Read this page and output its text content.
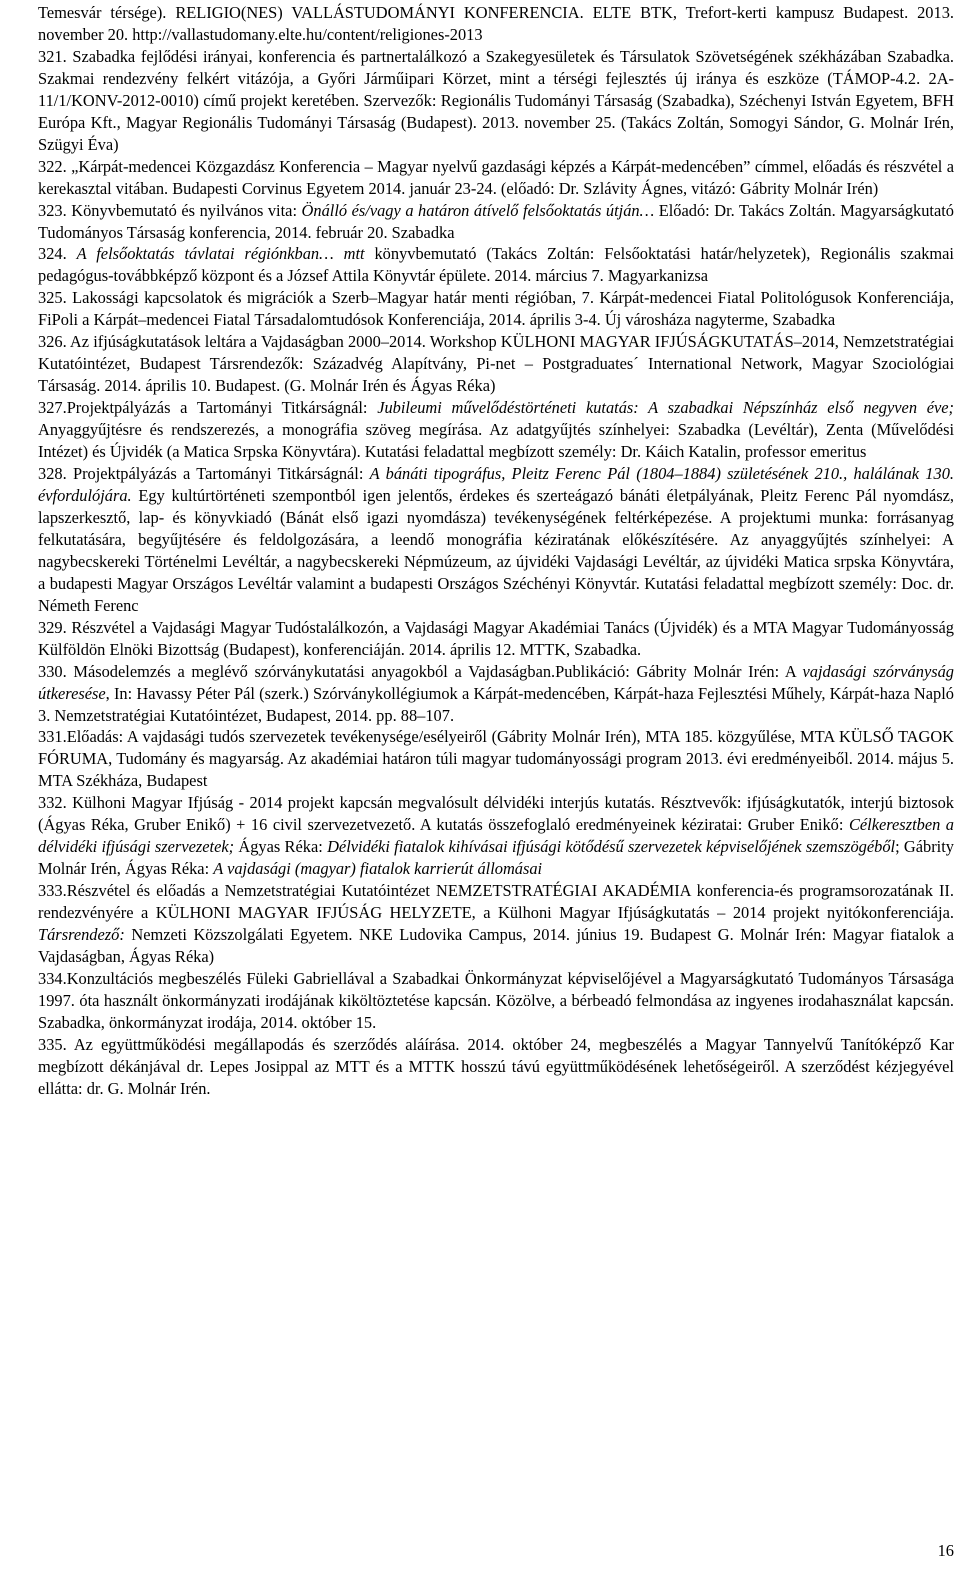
Temesvár térsége). RELIGIO(NES) VALLÁSTUDOMÁNYI KONFERENCIA. ELTE BTK, Trefort-kerti kampusz Budapest. 2013. november 20. http://vallastudomany.elte.hu/content/religiones-2013

321. Szabadka fejlődési irányai, konferencia és partnertalálkozó a Szakegyesületek és Társulatok Szövetségének székházában Szabadka. Szakmai rendezvény felkért vitázója, a Győri Járműipari Körzet, mint a térségi fejlesztés új iránya és eszköze (TÁMOP-4.2. 2A-11/1/KONV-2012-0010) című projekt keretében. Szervezők: Regionális Tudományi Társaság (Szabadka), Széchenyi István Egyetem, BFH Európa Kft., Magyar Regionális Tudományi Társaság (Budapest). 2013. november 25. (Takács Zoltán, Somogyi Sándor, G. Molnár Irén, Szügyi Éva)

322. „Kárpát-medencei Közgazdász Konferencia – Magyar nyelvű gazdasági képzés a Kárpát-medencében” címmel, előadás és részvétel a kerekasztal vitában. Budapesti Corvinus Egyetem 2014. január 23-24. (előadó: Dr. Szlávity Ágnes, vitázó: Gábrity Molnár Irén)

323. Könyvbemutató és nyilvános vita: Önálló és/vagy a határon átívelő felsőoktatás útján… Előadó: Dr. Takács Zoltán. Magyarságkutató Tudományos Társaság konferencia, 2014. február 20. Szabadka

324. A felsőoktatás távlatai régiónkban… mtt könyvbemutató (Takács Zoltán: Felsőoktatási határ/helyzetek), Regionális szakmai pedagógus-továbbképző központ és a József Attila Könyvtár épülete. 2014. március 7. Magyarkanizsa

325. Lakossági kapcsolatok és migrációk a Szerb–Magyar határ menti régióban, 7. Kárpát-medencei Fiatal Politológusok Konferenciája, FiPoli a Kárpát–medencei Fiatal Társadalomtudósok Konferenciája, 2014. április 3-4. Új városháza nagyterme, Szabadka

326. Az ifjúságkutatások leltára a Vajdaságban 2000–2014. Workshop KÜLHONI MAGYAR IFJÚSÁGKUTATÁS–2014, Nemzetstratégiai Kutatóintézet, Budapest Társrendezők: Századvég Alapítvány, Pi-net – Postgraduates´ International Network, Magyar Szociológiai Társaság. 2014. április 10. Budapest. (G. Molnár Irén és Ágyas Réka)

327.Projektpályázás a Tartományi Titkárságnál: Jubileumi művelődéstörténeti kutatás: A szabadkai Népszínház első negyven éve; Anyaggyűjtésre és rendszerezés, a monográfia szöveg megírása. Az adatgyűjtés színhelyei: Szabadka (Levéltár), Zenta (Művelődési Intézet) és Újvidék (a Matica Srpska Könyvtára). Kutatási feladattal megbízott személy: Dr. Káich Katalin, professor emeritus

328. Projektpályázás a Tartományi Titkárságnál: A bánáti tipográfus, Pleitz Ferenc Pál (1804–1884) születésének 210., halálának 130. évfordulójára. Egy kultúrtörténeti szempontból igen jelentős, érdekes és szerteágazó bánáti életpályának, Pleitz Ferenc Pál nyomdász, lapszerkesztő, lap- és könyvkiadó (Bánát első igazi nyomdásza) tevékenységének feltérképezése. A projektumi munka: forrásanyag felkutatására, begyűjtésére és feldolgozására, a leendő monográfia kéziratának előkészítésére. Az anyaggyűjtés színhelyei: A nagybecskereki Történelmi Levéltár, a nagybecskereki Népmúzeum, az újvidéki Vajdasági Levéltár, az újvidéki Matica srpska Könyvtára, a budapesti Magyar Országos Levéltár valamint a budapesti Országos Széchényi Könyvtár. Kutatási feladattal megbízott személy: Doc. dr. Németh Ferenc

329. Részvétel a Vajdasági Magyar Tudóstalálkozón, a Vajdasági Magyar Akadémiai Tanács (Újvidék) és a MTA Magyar Tudományosság Külföldön Elnöki Bizottság (Budapest), konferenciáján. 2014. április 12. MTTK, Szabadka.

330. Másodelemzés a meglévő szórványkutatási anyagokból a Vajdaságban.Publikáció: Gábrity Molnár Irén: A vajdasági szórványság útkeresése, In: Havassy Péter Pál (szerk.) Szórványkollégiumok a Kárpát-medencében, Kárpát-haza Fejlesztési Műhely, Kárpát-haza Napló 3. Nemzetstratégiai Kutatóintézet, Budapest, 2014. pp. 88–107.

331.Előadás: A vajdasági tudós szervezetek tevékenysége/esélyeiről (Gábrity Molnár Irén), MTA 185. közgyűlése, MTA KÜLSŐ TAGOK FÓRUMA, Tudomány és magyarság. Az akadémiai határon túli magyar tudományossági program 2013. évi eredményeiből. 2014. május 5. MTA Székháza, Budapest

332. Külhoni Magyar Ifjúság - 2014 projekt kapcsán megvalósult délvidéki interjús kutatás. Résztvevők: ifjúságkutatók, interjú biztosok (Ágyas Réka, Gruber Enikő) + 16 civil szervezetvezető. A kutatás összefoglaló eredményeinek kéziratai: Gruber Enikő: Célkeresztben a délvidéki ifjúsági szervezetek; Ágyas Réka: Délvidéki fiatalok kihívásai ifjúsági kötődésű szervezetek képviselőjének szemszögéből; Gábrity Molnár Irén, Ágyas Réka: A vajdasági (magyar) fiatalok karrierút állomásai

333.Részvétel és előadás a Nemzetstratégiai Kutatóintézet NEMZETSTRATÉGIAI AKADÉMIA konferencia-és programsorozatának II. rendezvényére a KÜLHONI MAGYAR IFJÚSÁG HELYZETE, a Külhoni Magyar Ifjúságkutatás – 2014 projekt nyitókonferenciája. Társrendező: Nemzeti Közszolgálati Egyetem. NKE Ludovika Campus, 2014. június 19. Budapest G. Molnár Irén: Magyar fiatalok a Vajdaságban, Ágyas Réka)

334.Konzultációs megbeszélés Füleki Gabriellával a Szabadkai Önkormányzat képviselőjével a Magyarságkutató Tudományos Társasága 1997. óta használt önkormányzati irodájának kiköltöztetése kapcsán. Közölve, a bérbeadó felmondása az ingyenes irodahasználat kapcsán. Szabadka, önkormányzat irodája, 2014. október 15.

335. Az együttműködési megállapodás és szerződés aláírása. 2014. október 24, megbeszélés a Magyar Tannyelvű Tanítóképző Kar megbízott dékánjával dr. Lepes Josippal az MTT és a MTTK hosszú távú együttműködésének lehetőségeiről. A szerződést kézjegyével ellátta: dr. G. Molnár Irén.

16
